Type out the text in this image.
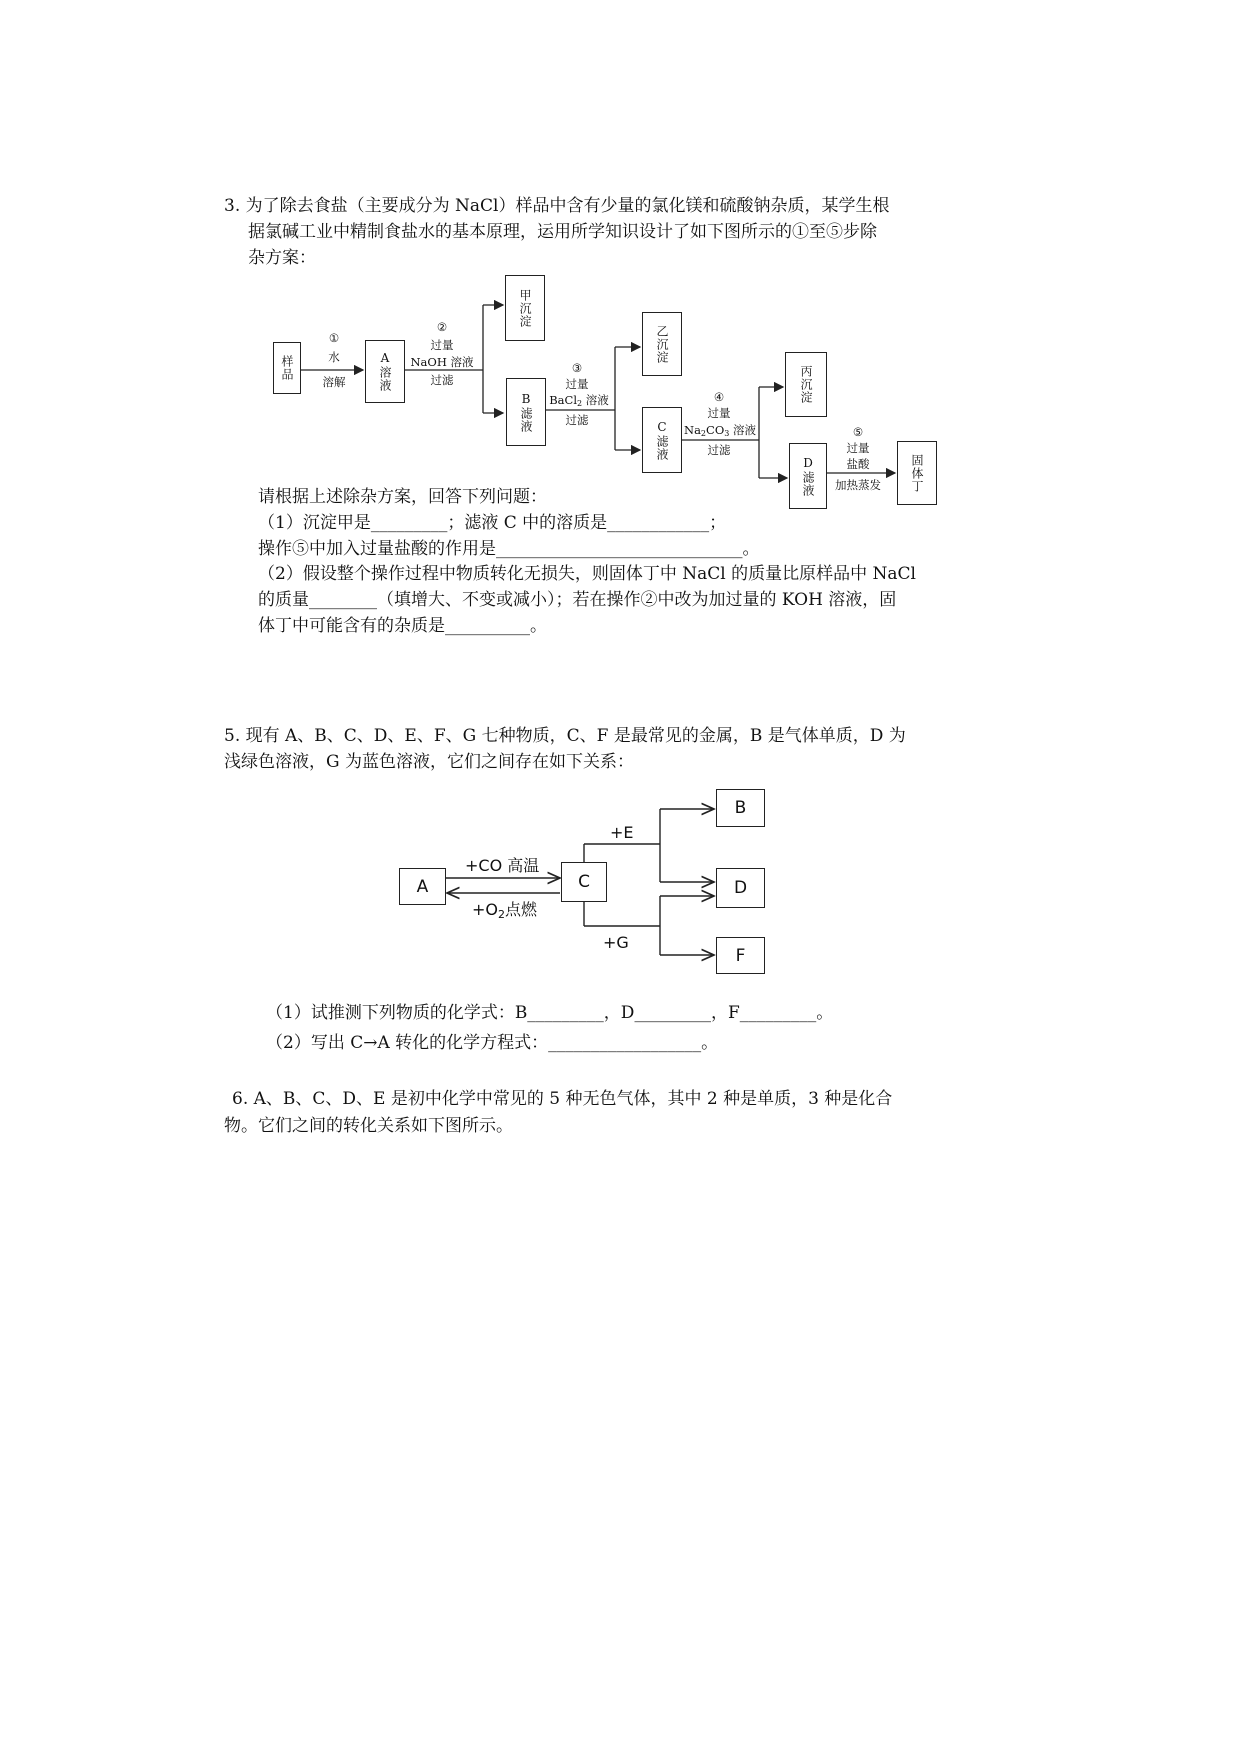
3. 为了除去食盐（主要成分为 NaCl）样品中含有少量的氯化镁和硫酸钠杂质，某学生根
据氯碱工业中精制食盐水的基本原理，运用所学知识设计了如下图所示的①至⑤步除
杂方案：
样品	A溶液
甲沉淀
B滤液
乙沉淀
C滤液
丙沉淀
D滤液	固体丁
①
水
溶解
②
过量
NaOH 溶液
过滤
③
过量
BaCl$_2$ 溶液
过滤
④
过量
$Na_2CO_3$ 溶液
过滤
⑤
过量
盐酸
加热蒸发
请根据上述除杂方案，回答下列问题：
（1）沉淀甲是_________；滤液 C 中的溶质是____________；
操作⑤中加入过量盐酸的作用是_____________________________。
（2）假设整个操作过程中物质转化无损失，则固体丁中 NaCl 的质量比原样品中 NaCl
的质量________（填增大、不变或减小）；若在操作②中改为加过量的 KOH 溶液，固
体丁中可能含有的杂质是__________。
5. 现有 A、B、C、D、E、F、G 七种物质，C、F 是最常见的金属，B 是气体单质，D 为
浅绿色溶液，G 为蓝色溶液，它们之间存在如下关系：
A	C
B
D
F
+CO 高温
+O2点燃
+E
+G
（1）试推测下列物质的化学式：B_________，D_________，F_________。
（2）写出 C→A 转化的化学方程式：__________________。
6. A、B、C、D、E 是初中化学中常见的 5 种无色气体，其中 2 种是单质，3 种是化合
物。它们之间的转化关系如下图所示。
